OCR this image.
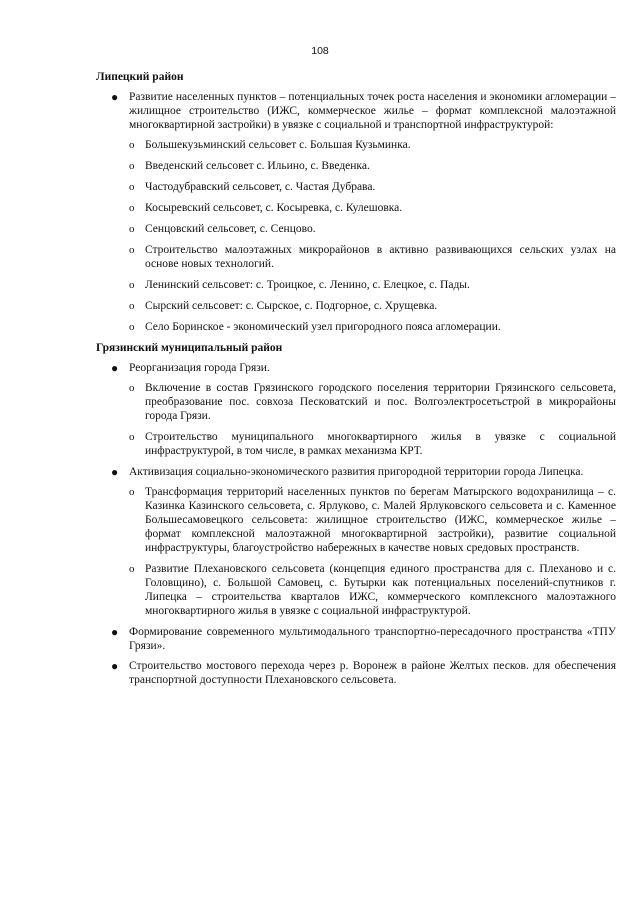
108
Липецкий район
● Развитие населенных пунктов – потенциальных точек роста населения и экономики агломерации – жилищное строительство (ИЖС, коммерческое жилье – формат комплексной малоэтажной многоквартирной застройки) в увязке с социальной и транспортной инфраструктурой:
o Большекузьминский сельсовет с. Большая Кузьминка.
o Введенский сельсовет с. Ильино, с. Введенка.
o Частодубравский сельсовет, с. Частая Дубрава.
o Косыревский сельсовет, с. Косыревка, с. Кулешовка.
o Сенцовский сельсовет, с. Сенцово.
o Строительство малоэтажных микрорайонов в активно развивающихся сельских узлах на основе новых технологий.
o Ленинский сельсовет: с. Троицкое, с. Ленино, с. Елецкое, с. Пады.
o Сырский сельсовет: с. Сырское, с. Подгорное, с. Хрущевка.
o Село Боринское - экономический узел пригородного пояса агломерации.
Грязинский муниципальный район
● Реорганизация города Грязи.
o Включение в состав Грязинского городского поселения территории Грязинского сельсовета, преобразование пос. совхоза Песковатский и пос. Волгоэлектросетьстрой в микрорайоны города Грязи.
o Строительство муниципального многоквартирного жилья в увязке с социальной инфраструктурой, в том числе, в рамках механизма КРТ.
● Активизация социально-экономического развития пригородной территории города Липецка.
o Трансформация территорий населенных пунктов по берегам Матырского водохранилища – с. Казинка Казинского сельсовета, с. Ярлуково, с. Малей Ярлуковского сельсовета и с. Каменное Большесамовецкого сельсовета: жилищное строительство (ИЖС, коммерческое жилье – формат комплексной малоэтажной многоквартирной застройки), развитие социальной инфраструктуры, благоустройство набережных в качестве новых средовых пространств.
o Развитие Плехановского сельсовета (концепция единого пространства для с. Плеханово и с. Головщино), с. Большой Самовец, с. Бутырки как потенциальных поселений-спутников г. Липецка – строительства кварталов ИЖС, коммерческого комплексного малоэтажного многоквартирного жилья в увязке с социальной инфраструктурой.
● Формирование современного мультимодального транспортно-пересадочного пространства «ТПУ Грязи».
● Строительство мостового перехода через р. Воронеж в районе Желтых песков. для обеспечения транспортной доступности Плехановского сельсовета.
